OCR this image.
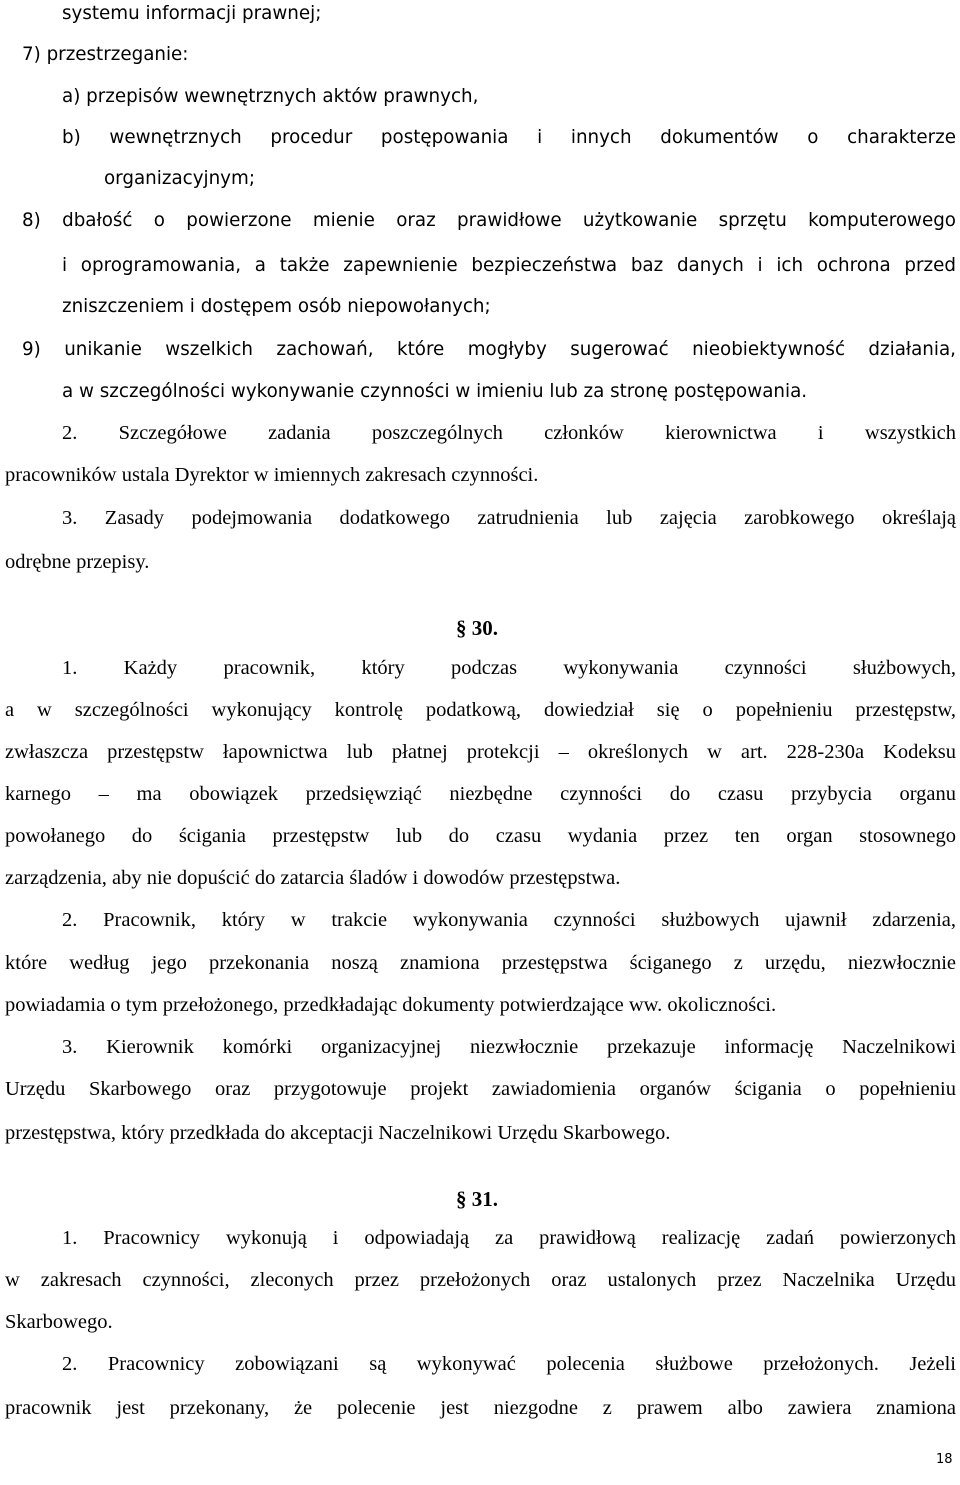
systemu informacji prawnej;
7) przestrzeganie:
a) przepisów wewnętrznych aktów prawnych,
b) wewnętrznych procedur postępowania i innych dokumentów o charakterze
organizacyjnym;
8) dbałość o powierzone mienie oraz prawidłowe użytkowanie sprzętu komputerowego
i oprogramowania, a także zapewnienie bezpieczeństwa baz danych i ich ochrona przed
zniszczeniem i dostępem osób niepowołanych;
9) unikanie wszelkich zachowań, które mogłyby sugerować nieobiektywność działania,
a w szczególności wykonywanie czynności w imieniu lub za stronę postępowania.
2. Szczegółowe zadania poszczególnych członków kierownictwa i wszystkich
pracowników ustala Dyrektor w imiennych zakresach czynności.
3. Zasady podejmowania dodatkowego zatrudnienia lub zajęcia zarobkowego określają
odrębne przepisy.
§ 30.
1. Każdy pracownik, który podczas wykonywania czynności służbowych,
a w szczególności wykonujący kontrolę podatkową, dowiedział się o popełnieniu przestępstw,
zwłaszcza przestępstw łapownictwa lub płatnej protekcji – określonych w art. 228-230a Kodeksu
karnego – ma obowiązek przedsięwziąć niezbędne czynności do czasu przybycia organu
powołanego do ścigania przestępstw lub do czasu wydania przez ten organ stosownego
zarządzenia, aby nie dopuścić do zatarcia śladów i dowodów przestępstwa.
2. Pracownik, który w trakcie wykonywania czynności służbowych ujawnił zdarzenia,
które według jego przekonania noszą znamiona przestępstwa ściganego z urzędu, niezwłocznie
powiadamia o tym przełożonego, przedkładając dokumenty potwierdzające ww. okoliczności.
3. Kierownik komórki organizacyjnej niezwłocznie przekazuje informację Naczelnikowi
Urzędu Skarbowego oraz przygotowuje projekt zawiadomienia organów ścigania o popełnieniu
przestępstwa, który przedkłada do akceptacji Naczelnikowi Urzędu Skarbowego.
§ 31.
1. Pracownicy wykonują i odpowiadają za prawidłową realizację zadań powierzonych
w zakresach czynności, zleconych przez przełożonych oraz ustalonych przez Naczelnika Urzędu
Skarbowego.
2. Pracownicy zobowiązani są wykonywać polecenia służbowe przełożonych. Jeżeli
pracownik jest przekonany, że polecenie jest niezgodne z prawem albo zawiera znamiona
18
